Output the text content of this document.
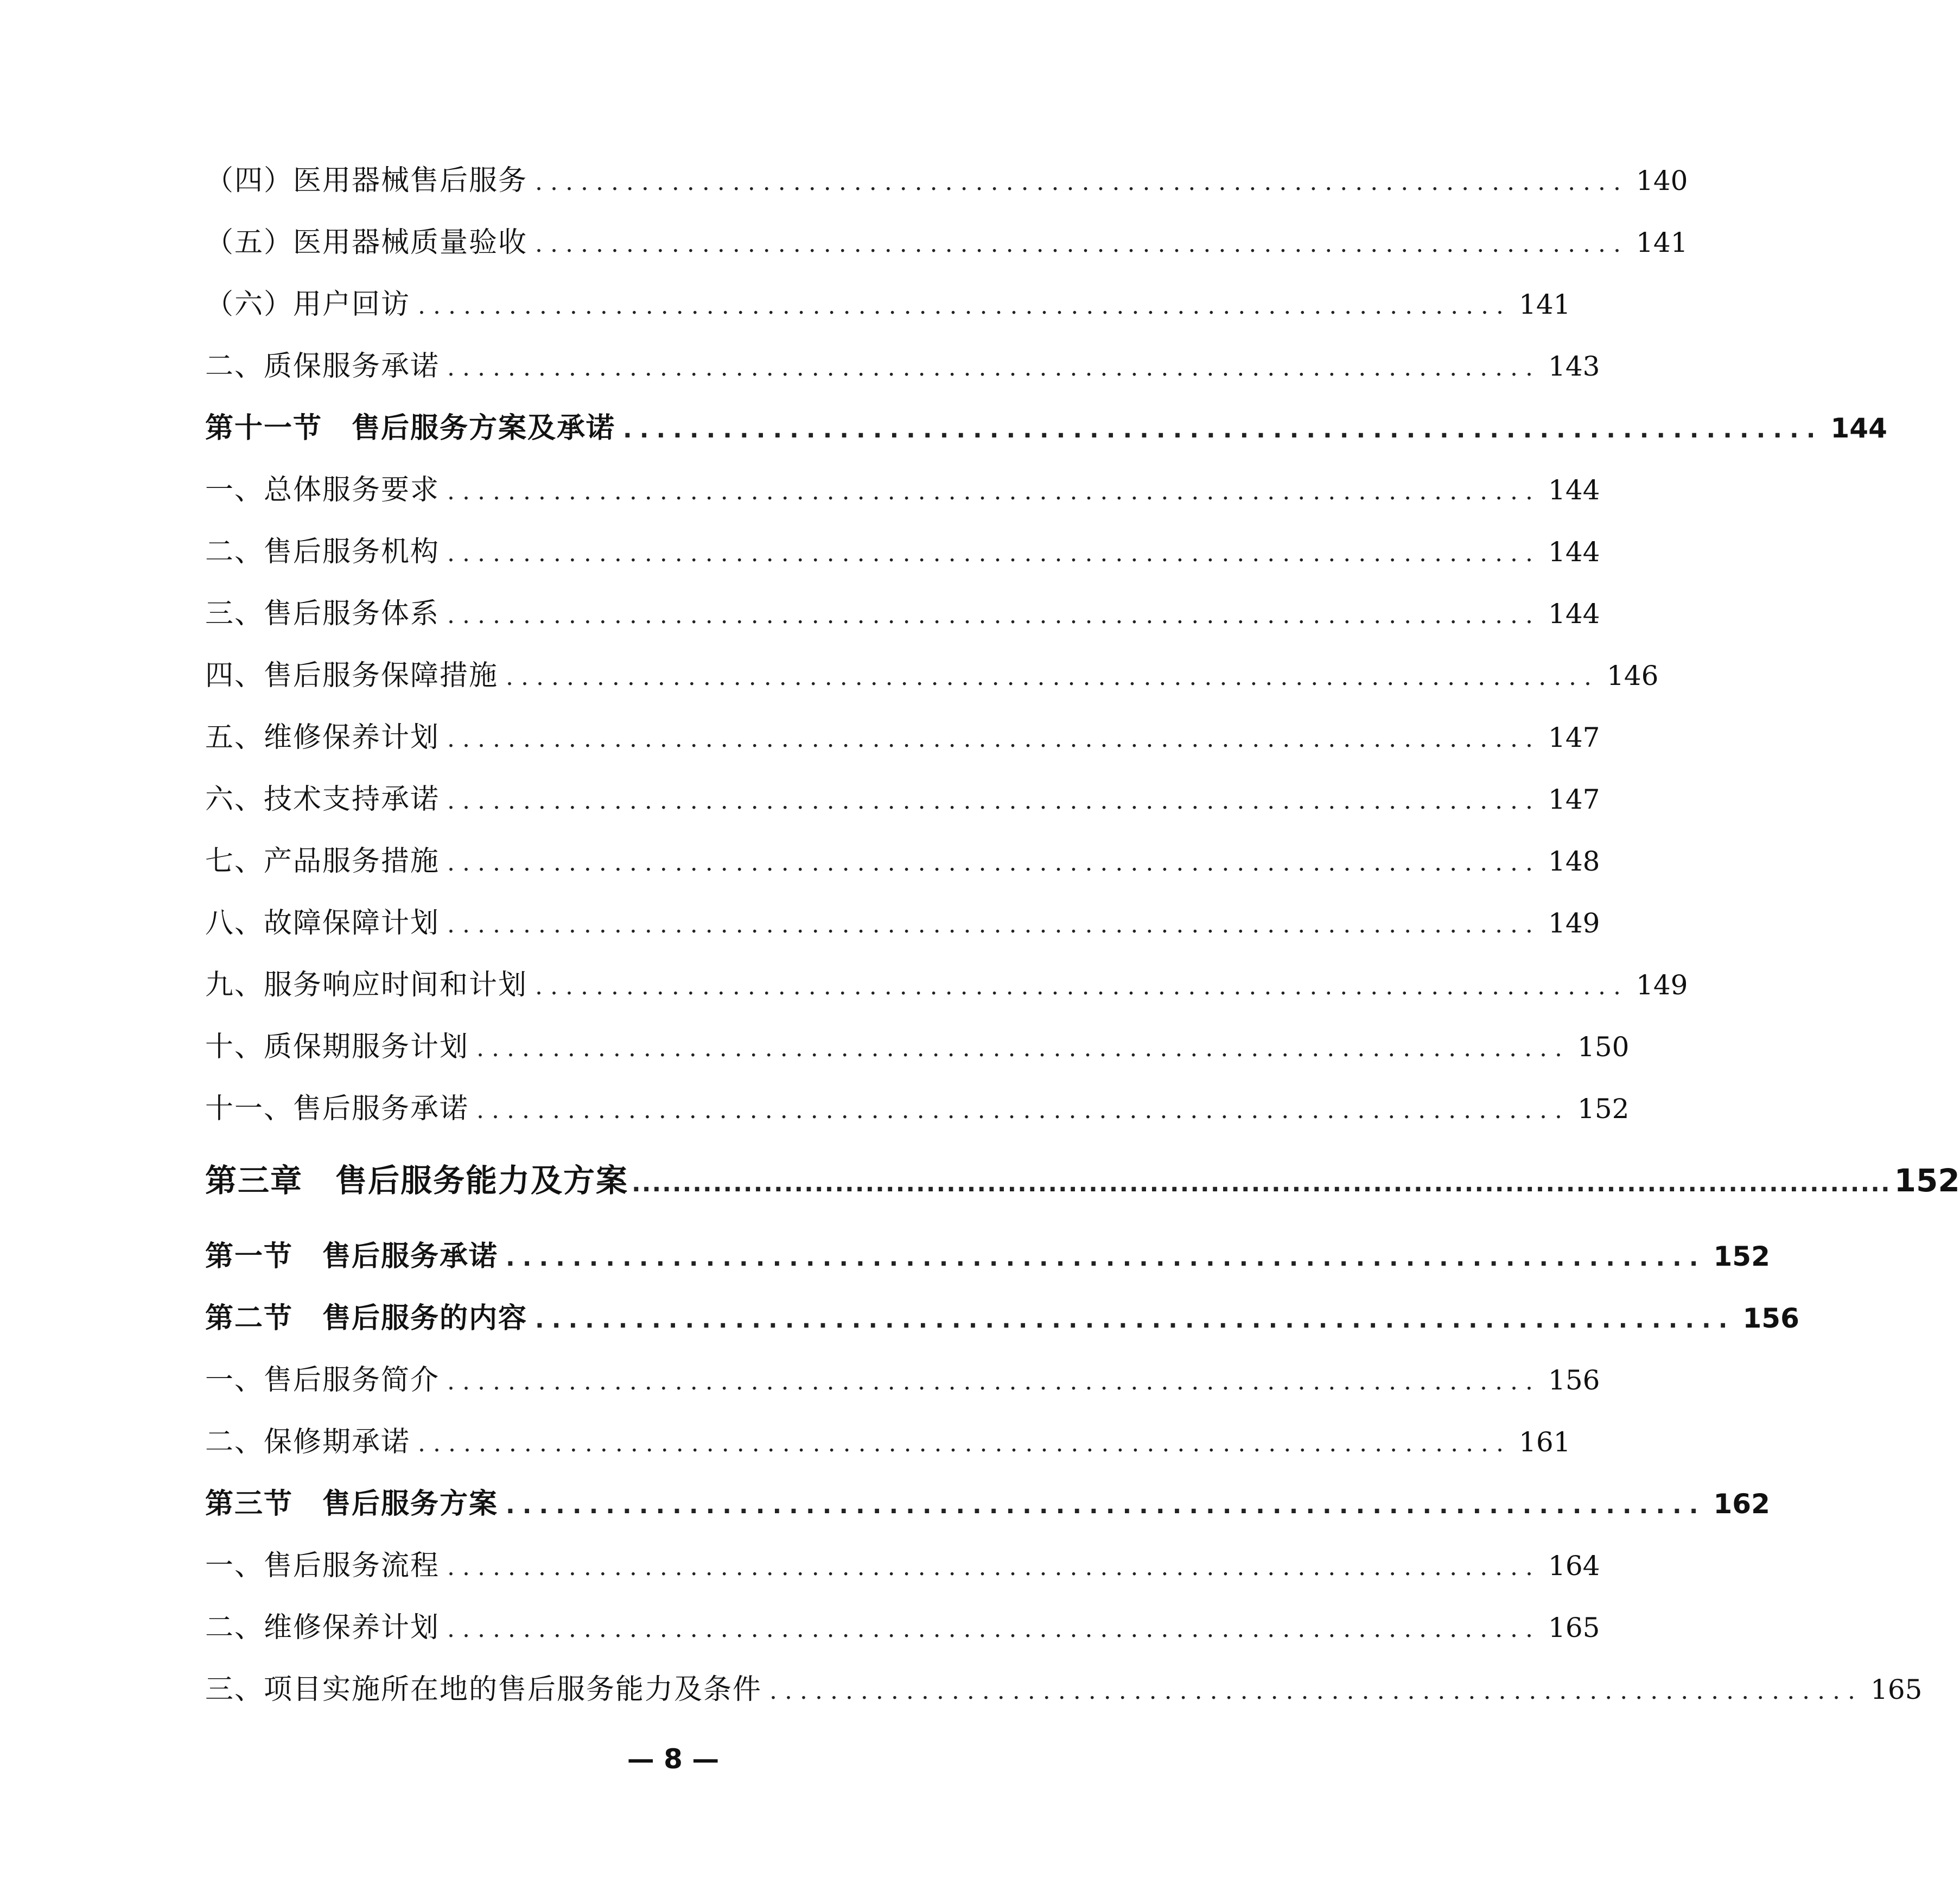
（四）医用器械售后服务 ........................................................................ 140
（五）医用器械质量验收 ........................................................................ 141
（六）用户回访 ........................................................................ 141
二、质保服务承诺 ........................................................................ 143
第十一节　售后服务方案及承诺 ........................................................................ 144
一、总体服务要求 ........................................................................ 144
二、售后服务机构 ........................................................................ 144
三、售后服务体系 ........................................................................ 144
四、售后服务保障措施 ........................................................................ 146
五、维修保养计划 ........................................................................ 147
六、技术支持承诺 ........................................................................ 147
七、产品服务措施 ........................................................................ 148
八、故障保障计划 ........................................................................ 149
九、服务响应时间和计划 ........................................................................ 149
十、质保期服务计划 ........................................................................ 150
十一、售后服务承诺 ........................................................................ 152
第三章　售后服务能力及方案 ............................................................................................................................ 152
第一节　售后服务承诺 ........................................................................ 152
第二节　售后服务的内容 ........................................................................ 156
一、售后服务简介 ........................................................................ 156
二、保修期承诺 ........................................................................ 161
第三节　售后服务方案 ........................................................................ 162
一、售后服务流程 ........................................................................ 164
二、维修保养计划 ........................................................................ 165
三、项目实施所在地的售后服务能力及条件 ........................................................................ 165
— 8 —
